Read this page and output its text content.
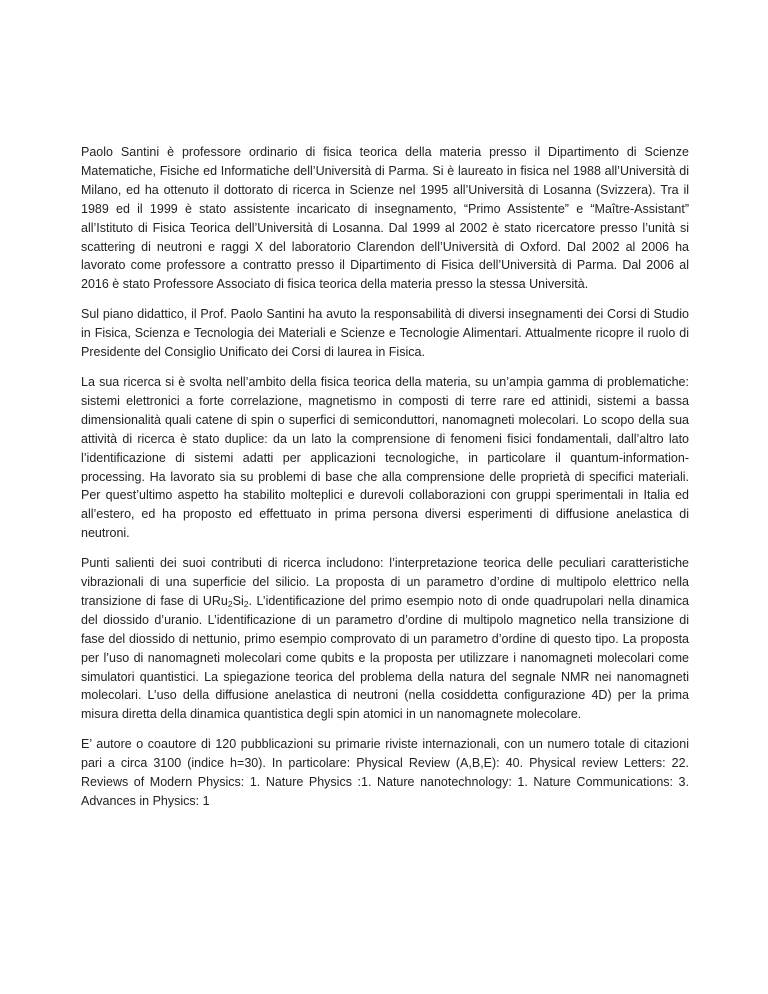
Paolo Santini è professore ordinario di fisica teorica della materia presso il Dipartimento di Scienze Matematiche, Fisiche ed Informatiche dell’Università di Parma. Si è laureato in fisica nel 1988 all’Università di Milano, ed ha ottenuto il dottorato di ricerca in Scienze nel 1995 all’Università di Losanna (Svizzera). Tra il 1989 ed il 1999 è stato assistente incaricato di insegnamento, “Primo Assistente” e “Maître-Assistant” all’Istituto di Fisica Teorica dell’Università di Losanna. Dal 1999 al 2002 è stato ricercatore presso l’unità si scattering di neutroni e raggi X del laboratorio Clarendon dell’Università di Oxford. Dal 2002 al 2006 ha lavorato come professore a contratto presso il Dipartimento di Fisica dell’Università di Parma. Dal 2006 al 2016 è stato Professore Associato di fisica teorica della materia presso la stessa Università.

Sul piano didattico, il Prof. Paolo Santini ha avuto la responsabilità di diversi insegnamenti dei Corsi di Studio in Fisica, Scienza e Tecnologia dei Materiali e Scienze e Tecnologie Alimentari. Attualmente ricopre il ruolo di Presidente del Consiglio Unificato dei Corsi di laurea in Fisica.

La sua ricerca si è svolta nell’ambito della fisica teorica della materia, su un’ampia gamma di problematiche: sistemi elettronici a forte correlazione, magnetismo in composti di terre rare ed attinidi, sistemi a bassa dimensionalità quali catene di spin o superfici di semiconduttori, nanomagneti molecolari. Lo scopo della sua attività di ricerca è stato duplice: da un lato la comprensione di fenomeni fisici fondamentali, dall’altro lato l’identificazione di sistemi adatti per applicazioni tecnologiche, in particolare il quantum-information-processing. Ha lavorato sia su problemi di base che alla comprensione delle proprietà di specifici materiali. Per quest’ultimo aspetto ha stabilito molteplici e durevoli collaborazioni con gruppi sperimentali in Italia ed all’estero, ed ha proposto ed effettuato in prima persona diversi esperimenti di diffusione anelastica di neutroni.

Punti salienti dei suoi contributi di ricerca includono: l’interpretazione teorica delle peculiari caratteristiche vibrazionali di una superficie del silicio. La proposta di un parametro d’ordine di multipolo elettrico nella transizione di fase di $URu_2Si_2$. L’identificazione del primo esempio noto di onde quadrupolari nella dinamica del diossido d’uranio. L’identificazione di un parametro d’ordine di multipolo magnetico nella transizione di fase del diossido di nettunio, primo esempio comprovato di un parametro d’ordine di questo tipo. La proposta per l’uso di nanomagneti molecolari come qubits e la proposta per utilizzare i nanomagneti molecolari come simulatori quantistici. La spiegazione teorica del problema della natura del segnale NMR nei nanomagneti molecolari. L’uso della diffusione anelastica di neutroni (nella cosiddetta configurazione 4D) per la prima misura diretta della dinamica quantistica degli spin atomici in un nanomagnete molecolare.

E’ autore o coautore di 120 pubblicazioni su primarie riviste internazionali, con un numero totale di citazioni pari a circa 3100 (indice h=30). In particolare: Physical Review (A,B,E): 40. Physical review Letters: 22. Reviews of Modern Physics: 1. Nature Physics :1. Nature nanotechnology: 1. Nature Communications: 3. Advances in Physics: 1
